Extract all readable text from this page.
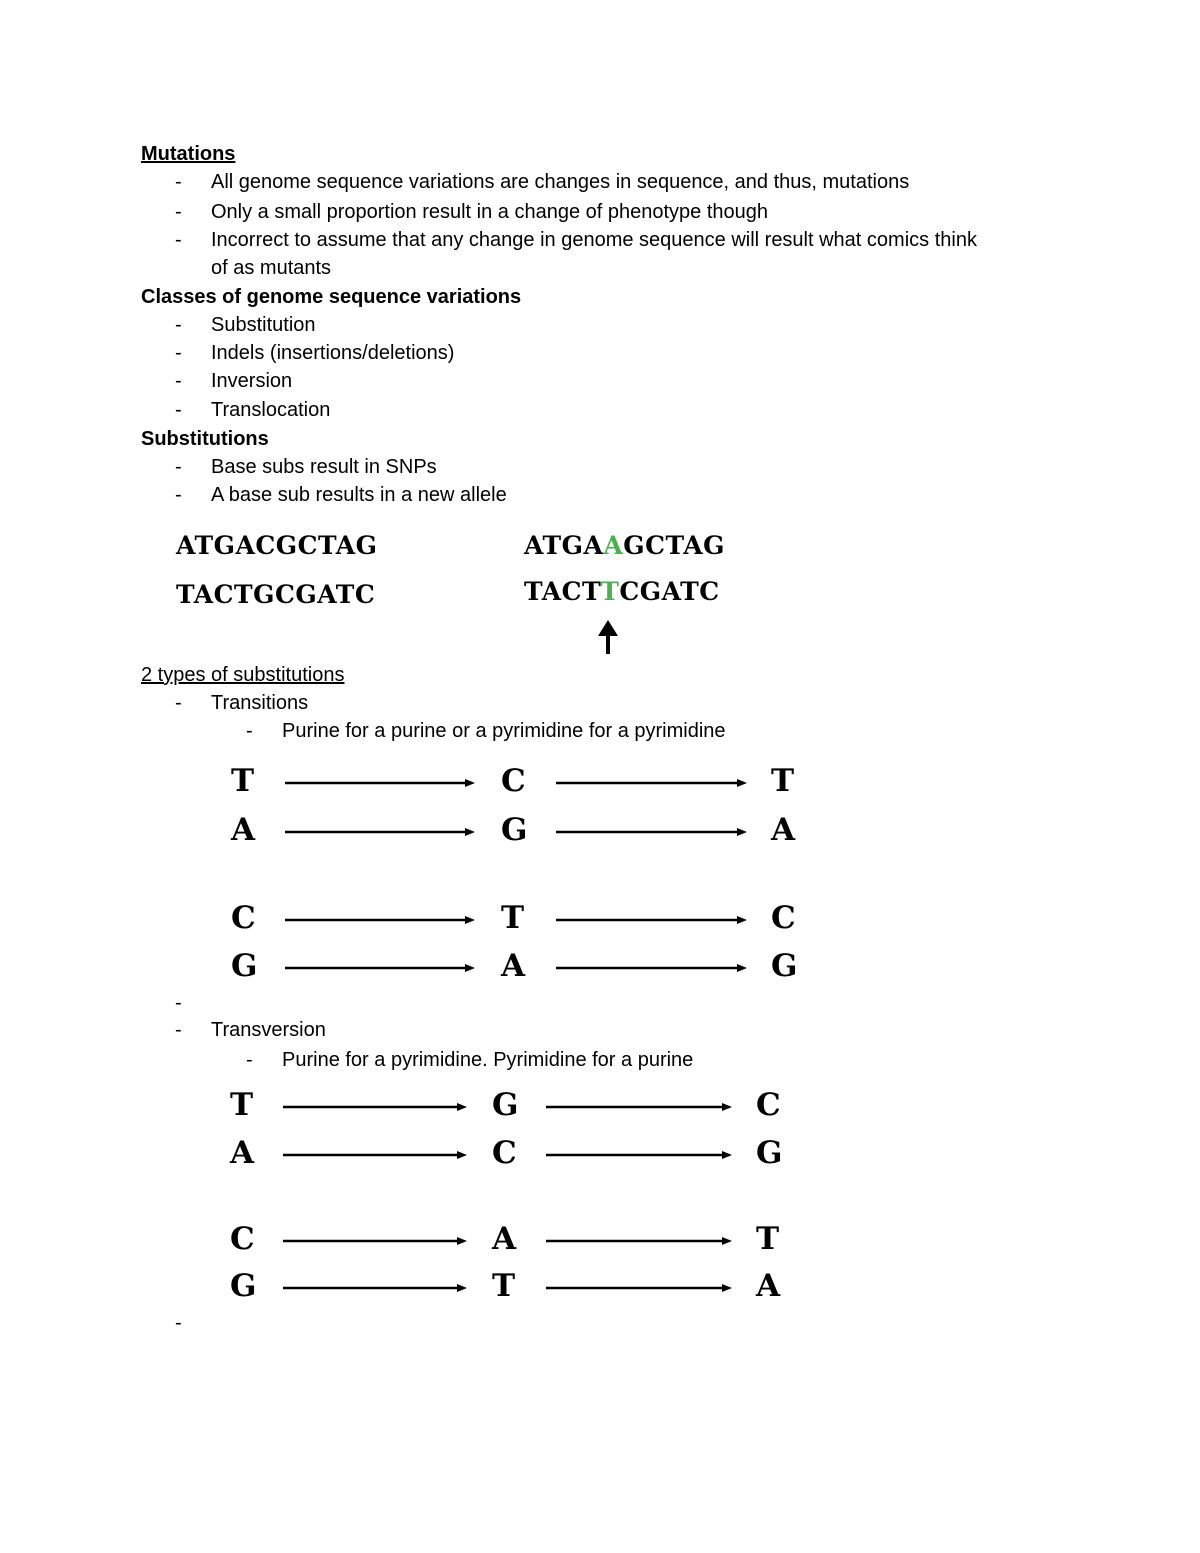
Mutations
- All genome sequence variations are changes in sequence, and thus, mutations
- Only a small proportion result in a change of phenotype though
- Incorrect to assume that any change in genome sequence will result what comics think
of as mutants
Classes of genome sequence variations
- Substitution
- Indels (insertions/deletions)
- Inversion
- Translocation
Substitutions
- Base subs result in SNPs
- A base sub results in a new allele
ATGACGCTAG
TACTGCGATC
ATGAAGCTAG
TACTTCGATC
2 types of substitutions
- Transitions
- Purine for a purine or a pyrimidine for a pyrimidine
T	C	T
A	G	A
C	T	C
G	A	G
-
- Transversion
- Purine for a pyrimidine. Pyrimidine for a purine
T	G	C
A	C	G
C	A	T
G	T	A
-
